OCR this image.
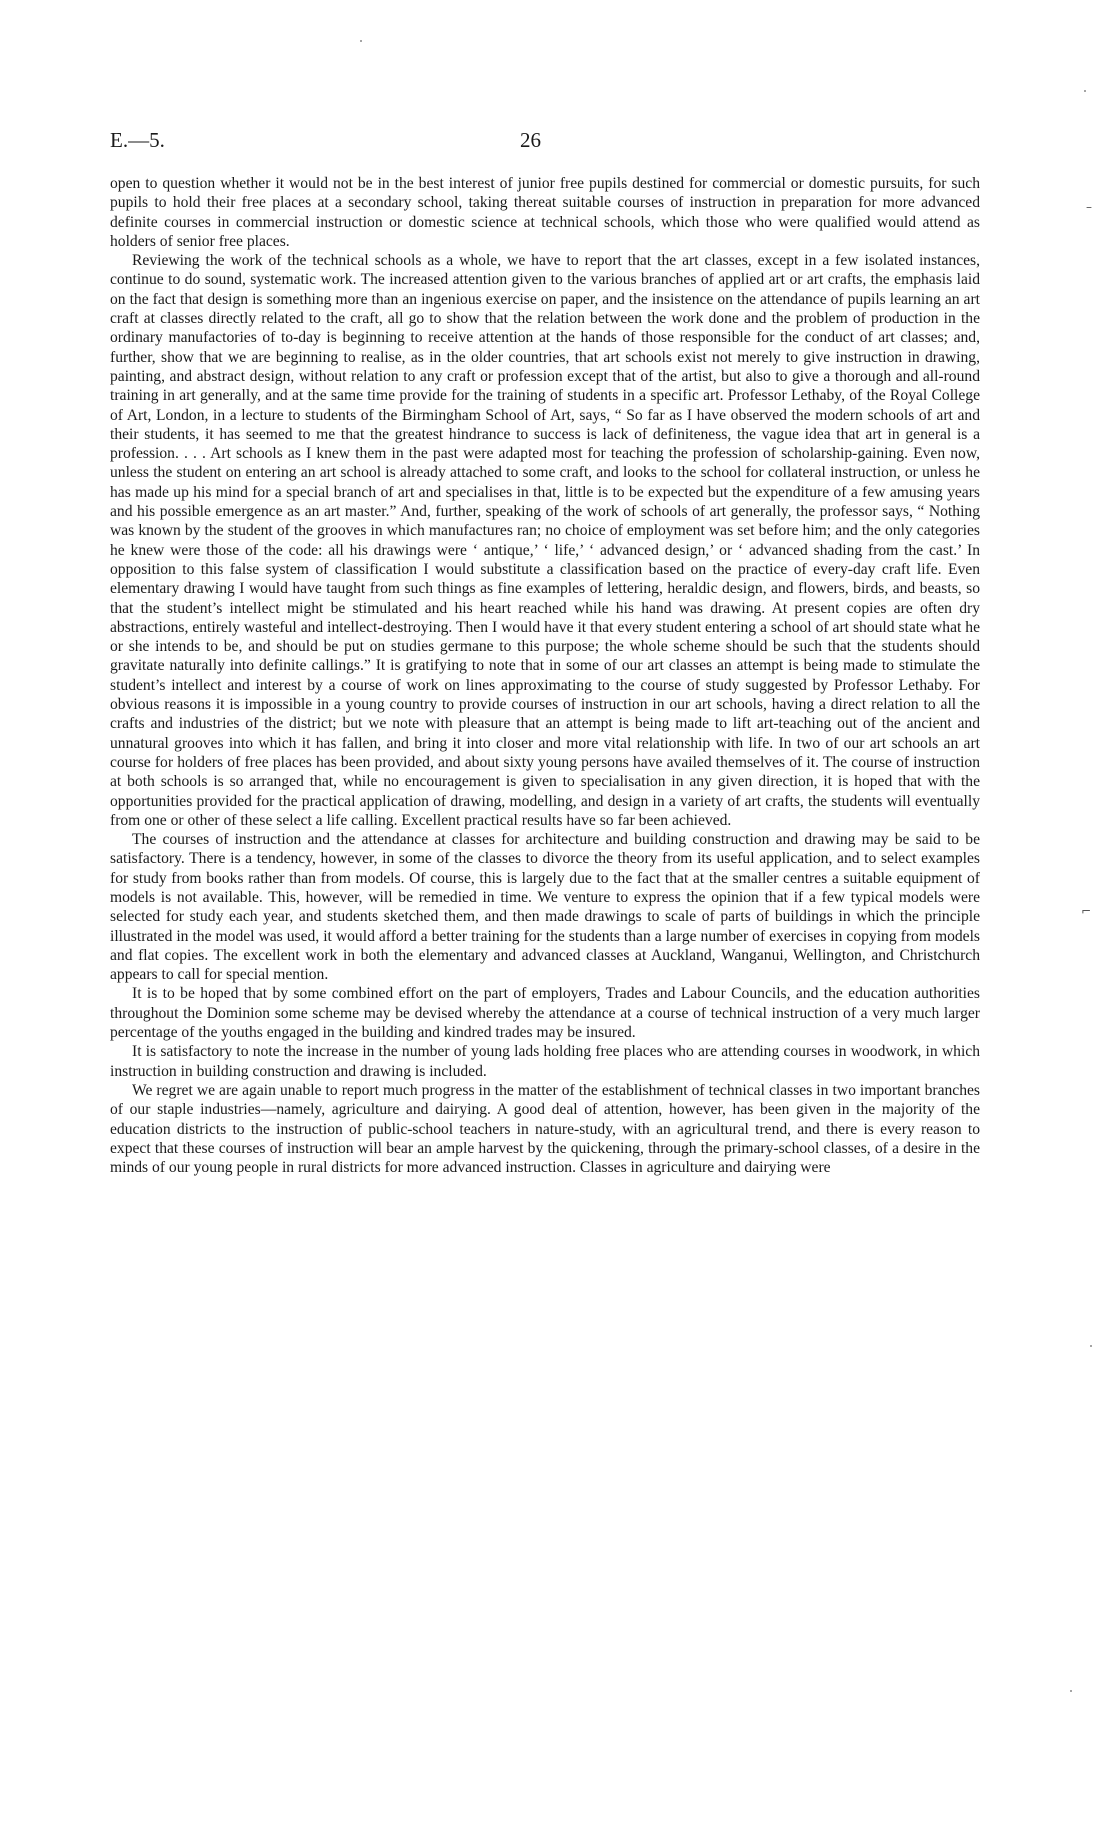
E.—5.	26

open to question whether it would not be in the best interest of junior free pupils destined for commercial or domestic pursuits, for such pupils to hold their free places at a secondary school, taking thereat suitable courses of instruction in preparation for more advanced definite courses in commercial instruction or domestic science at technical schools, which those who were qualified would attend as holders of senior free places.

Reviewing the work of the technical schools as a whole, we have to report that the art classes, except in a few isolated instances, continue to do sound, systematic work. The increased attention given to the various branches of applied art or art crafts, the emphasis laid on the fact that design is something more than an ingenious exercise on paper, and the insistence on the attendance of pupils learning an art craft at classes directly related to the craft, all go to show that the relation between the work done and the problem of production in the ordinary manufactories of to-day is beginning to receive attention at the hands of those responsible for the conduct of art classes; and, further, show that we are beginning to realise, as in the older countries, that art schools exist not merely to give instruction in drawing, painting, and abstract design, without relation to any craft or profession except that of the artist, but also to give a thorough and all-round training in art generally, and at the same time provide for the training of students in a specific art. Professor Lethaby, of the Royal College of Art, London, in a lecture to students of the Birmingham School of Art, says, “ So far as I have observed the modern schools of art and their students, it has seemed to me that the greatest hindrance to success is lack of definiteness, the vague idea that art in general is a profession. . . . Art schools as I knew them in the past were adapted most for teaching the profession of scholarship-gaining. Even now, unless the student on entering an art school is already attached to some craft, and looks to the school for collateral instruction, or unless he has made up his mind for a special branch of art and specialises in that, little is to be expected but the expenditure of a few amusing years and his possible emergence as an art master.” And, further, speaking of the work of schools of art generally, the professor says, “ Nothing was known by the student of the grooves in which manufactures ran; no choice of employment was set before him; and the only categories he knew were those of the code: all his drawings were ‘ antique,’ ‘ life,’ ‘ advanced design,’ or ‘ advanced shading from the cast.’ In opposition to this false system of classification I would substitute a classification based on the practice of every-day craft life. Even elementary drawing I would have taught from such things as fine examples of lettering, heraldic design, and flowers, birds, and beasts, so that the student’s intellect might be stimulated and his heart reached while his hand was drawing. At present copies are often dry abstractions, entirely wasteful and intellect-destroying. Then I would have it that every student entering a school of art should state what he or she intends to be, and should be put on studies germane to this purpose; the whole scheme should be such that the students should gravitate naturally into definite callings.” It is gratifying to note that in some of our art classes an attempt is being made to stimulate the student’s intellect and interest by a course of work on lines approximating to the course of study suggested by Professor Lethaby. For obvious reasons it is impossible in a young country to provide courses of instruction in our art schools, having a direct relation to all the crafts and industries of the district; but we note with pleasure that an attempt is being made to lift art-teaching out of the ancient and unnatural grooves into which it has fallen, and bring it into closer and more vital relationship with life. In two of our art schools an art course for holders of free places has been provided, and about sixty young persons have availed themselves of it. The course of instruction at both schools is so arranged that, while no encouragement is given to specialisation in any given direction, it is hoped that with the opportunities provided for the practical application of drawing, modelling, and design in a variety of art crafts, the students will eventually from one or other of these select a life calling. Excellent practical results have so far been achieved.

The courses of instruction and the attendance at classes for architecture and building construction and drawing may be said to be satisfactory. There is a tendency, however, in some of the classes to divorce the theory from its useful application, and to select examples for study from books rather than from models. Of course, this is largely due to the fact that at the smaller centres a suitable equipment of models is not available. This, however, will be remedied in time. We venture to express the opinion that if a few typical models were selected for study each year, and students sketched them, and then made drawings to scale of parts of buildings in which the principle illustrated in the model was used, it would afford a better training for the students than a large number of exercises in copying from models and flat copies. The excellent work in both the elementary and advanced classes at Auckland, Wanganui, Wellington, and Christchurch appears to call for special mention.

It is to be hoped that by some combined effort on the part of employers, Trades and Labour Councils, and the education authorities throughout the Dominion some scheme may be devised whereby the attendance at a course of technical instruction of a very much larger percentage of the youths engaged in the building and kindred trades may be insured.

It is satisfactory to note the increase in the number of young lads holding free places who are attending courses in woodwork, in which instruction in building construction and drawing is included.

We regret we are again unable to report much progress in the matter of the establishment of technical classes in two important branches of our staple industries—namely, agriculture and dairying. A good deal of attention, however, has been given in the majority of the education districts to the instruction of public-school teachers in nature-study, with an agricultural trend, and there is every reason to expect that these courses of instruction will bear an ample harvest by the quickening, through the primary-school classes, of a desire in the minds of our young people in rural districts for more advanced instruction. Classes in agriculture and dairying were

–
⌐
